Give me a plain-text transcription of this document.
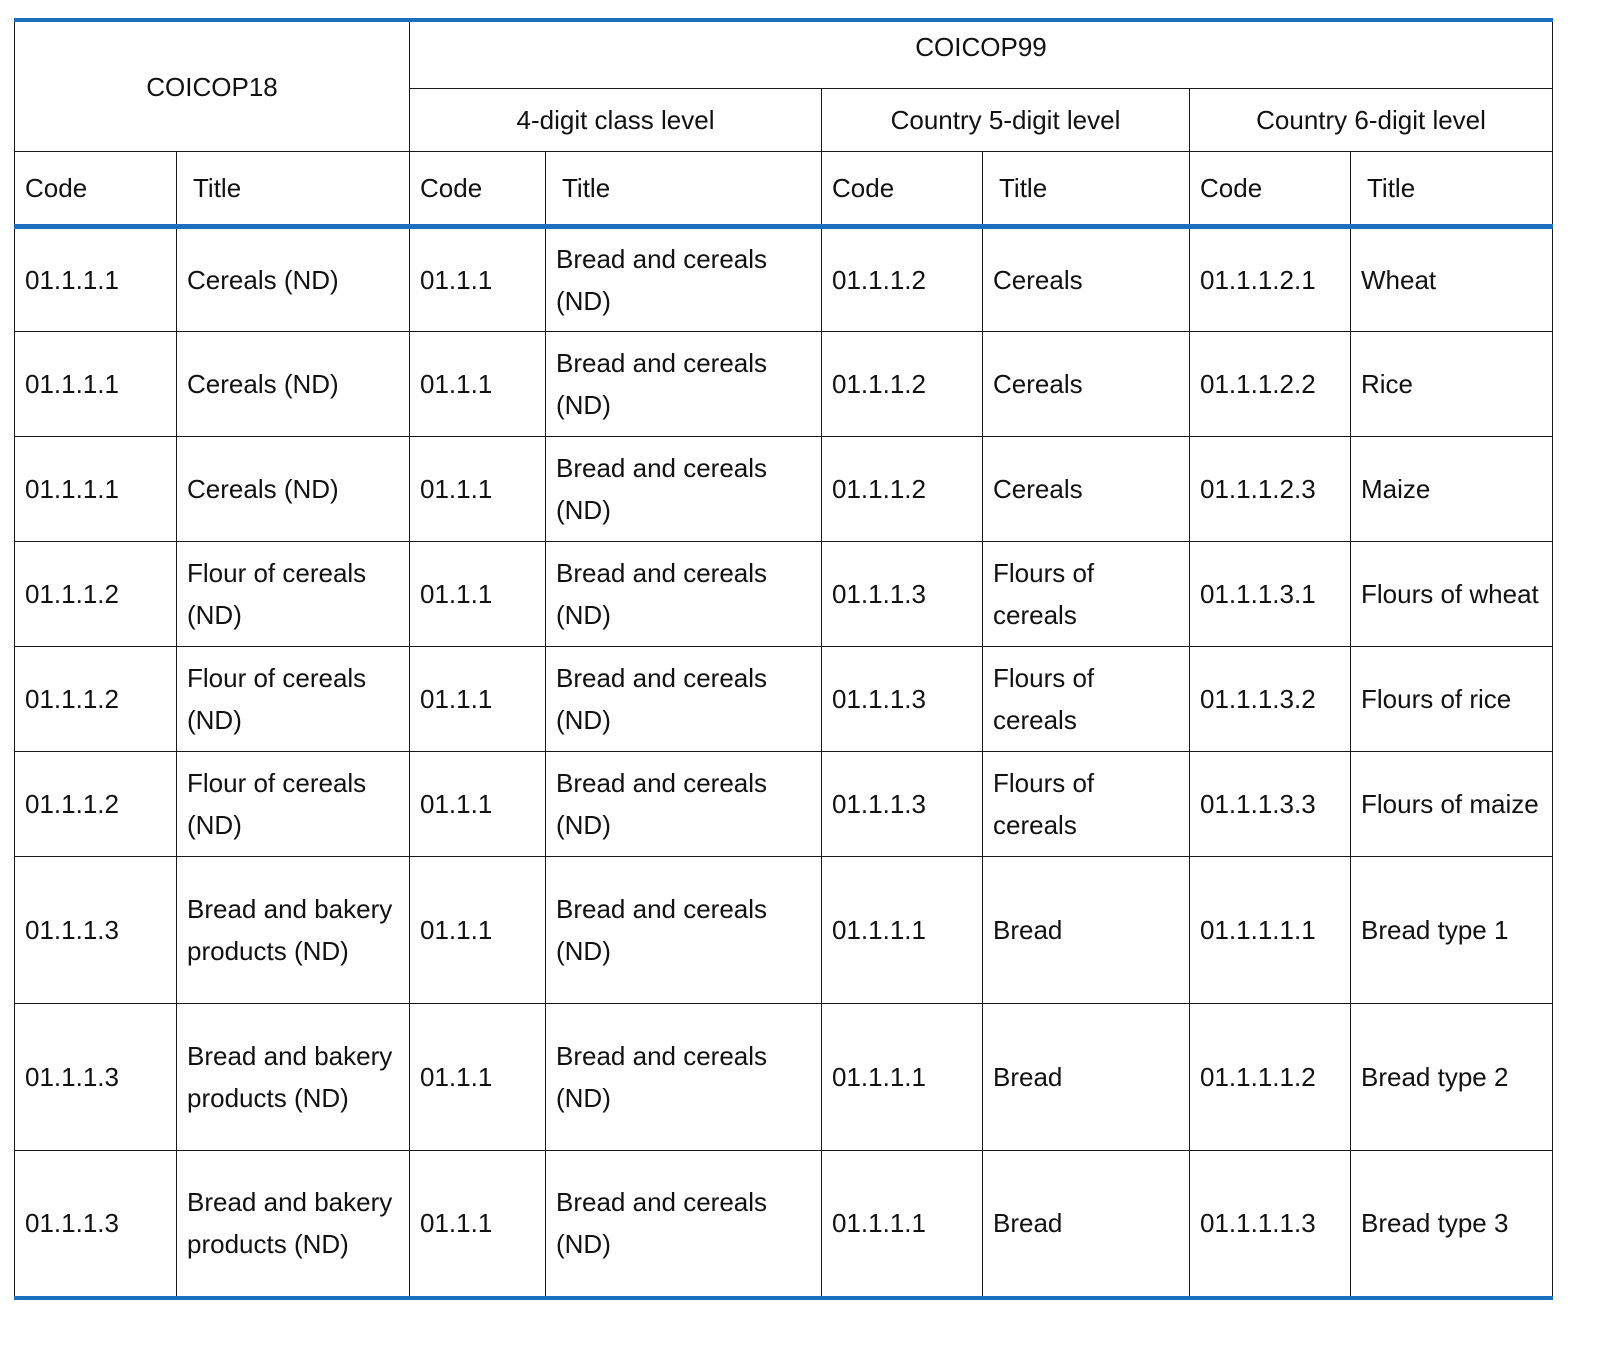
COICOP18		COICOP99					
		4-digit class level		Country 5-digit level		Country 6-digit level	
Code	Title	Code	Title	Code	Title	Code	Title
01.1.1.1	Cereals (ND)	01.1.1	Bread and cereals (ND)	01.1.1.2	Cereals	01.1.1.2.1	Wheat
01.1.1.1	Cereals (ND)	01.1.1	Bread and cereals (ND)	01.1.1.2	Cereals	01.1.1.2.2	Rice
01.1.1.1	Cereals (ND)	01.1.1	Bread and cereals (ND)	01.1.1.2	Cereals	01.1.1.2.3	Maize
01.1.1.2	Flour of cereals (ND)	01.1.1	Bread and cereals (ND)	01.1.1.3	Flours of cereals	01.1.1.3.1	Flours of wheat
01.1.1.2	Flour of cereals (ND)	01.1.1	Bread and cereals (ND)	01.1.1.3	Flours of cereals	01.1.1.3.2	Flours of rice
01.1.1.2	Flour of cereals (ND)	01.1.1	Bread and cereals (ND)	01.1.1.3	Flours of cereals	01.1.1.3.3	Flours of maize
01.1.1.3	Bread and bakery products (ND)	01.1.1	Bread and cereals (ND)	01.1.1.1	Bread	01.1.1.1.1	Bread type 1
01.1.1.3	Bread and bakery products (ND)	01.1.1	Bread and cereals (ND)	01.1.1.1	Bread	01.1.1.1.2	Bread type 2
01.1.1.3	Bread and bakery products (ND)	01.1.1	Bread and cereals (ND)	01.1.1.1	Bread	01.1.1.1.3	Bread type 3
